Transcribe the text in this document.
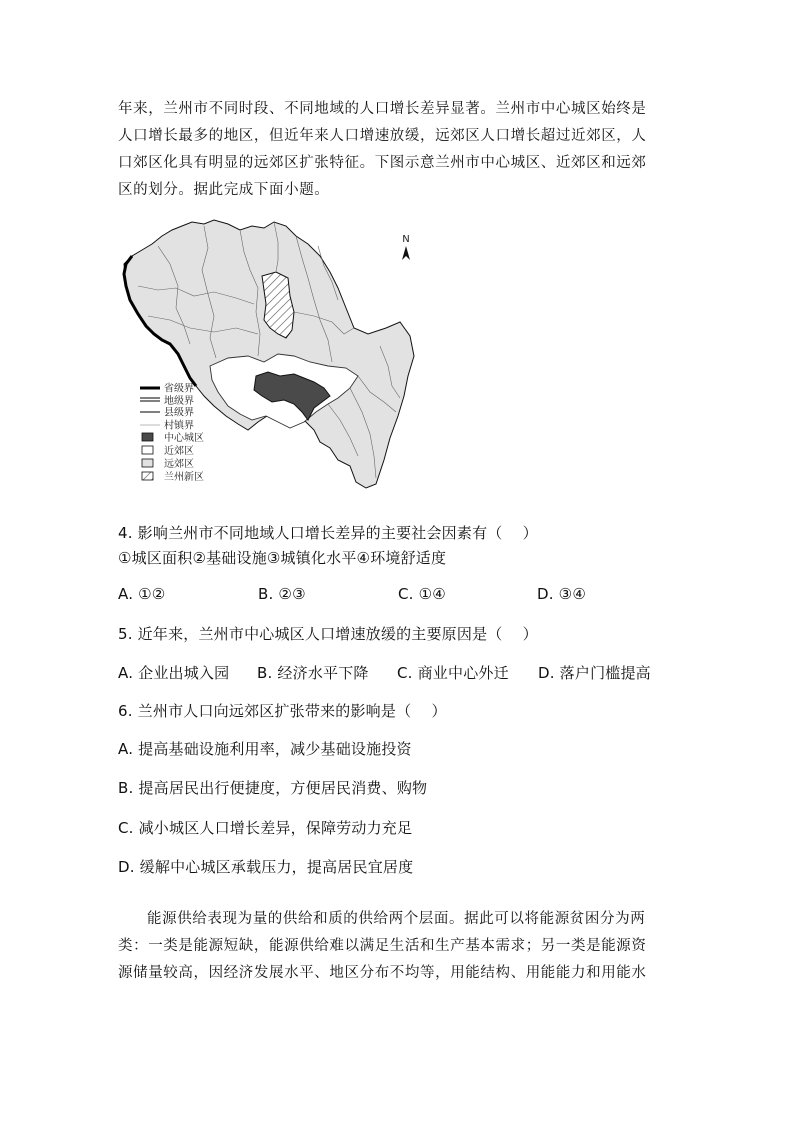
年来，兰州市不同时段、不同地域的人口增长差异显著。兰州市中心城区始终是

人口增长最多的地区，但近年来人口增速放缓，远郊区人口增长超过近郊区，人

口郊区化具有明显的远郊区扩张特征。下图示意兰州市中心城区、近郊区和远郊

区的划分。据此完成下面小题。

N
省级界
地级界
县级界
村镇界
中心城区
近郊区
远郊区
兰州新区
4. 影响兰州市不同地域人口增长差异的主要社会因素有（　 ）
①城区面积②基础设施③城镇化水平④环境舒适度
A. ①②	B. ②③	C. ①④	D. ③④
5. 近年来，兰州市中心城区人口增速放缓的主要原因是（　 ）
A. 企业出城入园 B. 经济水平下降 C. 商业中心外迁 D. 落户门槛提高
6. 兰州市人口向远郊区扩张带来的影响是（　 ）
A. 提高基础设施利用率，减少基础设施投资
B. 提高居民出行便捷度，方便居民消费、购物
C. 减小城区人口增长差异，保障劳动力充足
D. 缓解中心城区承载压力，提高居民宜居度

能源供给表现为量的供给和质的供给两个层面。据此可以将能源贫困分为两

类：一类是能源短缺，能源供给难以满足生活和生产基本需求；另一类是能源资

源储量较高，因经济发展水平、地区分布不均等，用能结构、用能能力和用能水
